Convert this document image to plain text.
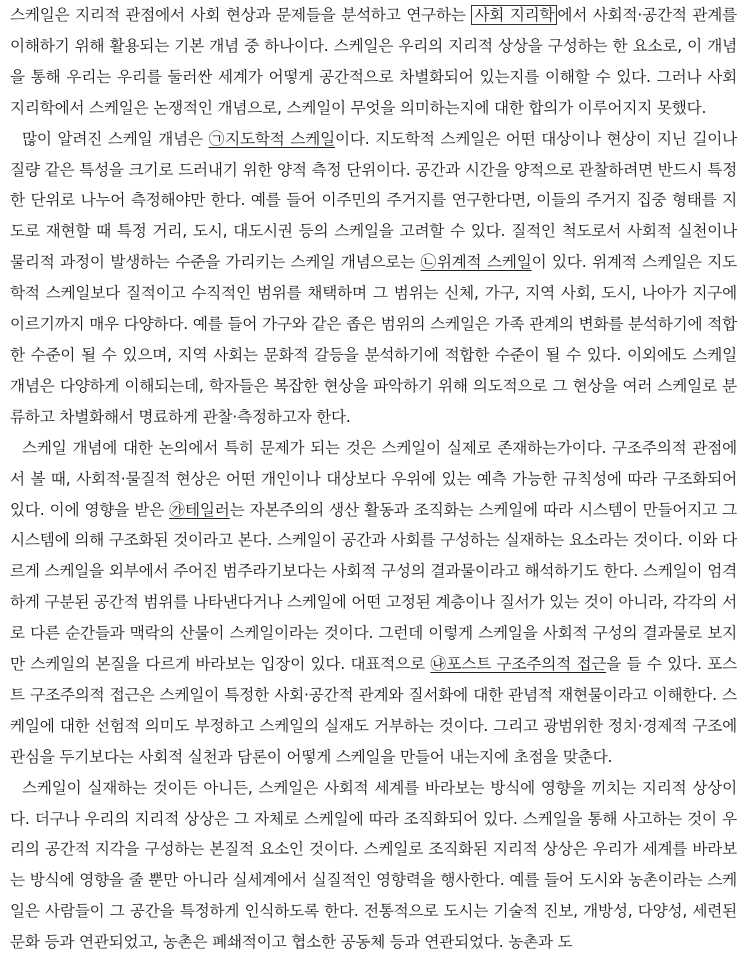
스케일은 지리적 관점에서 사회 현상과 문제들을 분석하고 연구하는 사회 지리학 에서 사회적·공간적 관계를 이해하기 위해 활용되는 기본 개념 중 하나이다. 스케일은 우리의 지리적 상상을 구성하는 한 요소로, 이 개념을 통해 우리는 우리를 둘러싼 세계가 어떻게 공간적으로 차별화되어 있는지를 이해할 수 있다. 그러나 사회 지리학에서 스케일은 논쟁적인 개념으로, 스케일이 무엇을 의미하는지에 대한 합의가 이루어지지 못했다.

많이 알려진 스케일 개념은 ㉠지도학적 스케일이다. 지도학적 스케일은 어떤 대상이나 현상이 지닌 길이나 질량 같은 특성을 크기로 드러내기 위한 양적 측정 단위이다. 공간과 시간을 양적으로 관찰하려면 반드시 특정한 단위로 나누어 측정해야만 한다. 예를 들어 이주민의 주거지를 연구한다면, 이들의 주거지 집중 형태를 지도로 재현할 때 특정 거리, 도시, 대도시권 등의 스케일을 고려할 수 있다. 질적인 척도로서 사회적 실천이나 물리적 과정이 발생하는 수준을 가리키는 스케일 개념으로는 ㉡위계적 스케일이 있다. 위계적 스케일은 지도학적 스케일보다 질적이고 수직적인 범위를 채택하며 그 범위는 신체, 가구, 지역 사회, 도시, 나아가 지구에 이르기까지 매우 다양하다. 예를 들어 가구와 같은 좁은 범위의 스케일은 가족 관계의 변화를 분석하기에 적합한 수준이 될 수 있으며, 지역 사회는 문화적 갈등을 분석하기에 적합한 수준이 될 수 있다. 이외에도 스케일 개념은 다양하게 이해되는데, 학자들은 복잡한 현상을 파악하기 위해 의도적으로 그 현상을 여러 스케일로 분류하고 차별화해서 명료하게 관찰·측정하고자 한다.

스케일 개념에 대한 논의에서 특히 문제가 되는 것은 스케일이 실제로 존재하는가이다. 구조주의적 관점에서 볼 때, 사회적·물질적 현상은 어떤 개인이나 대상보다 우위에 있는 예측 가능한 규칙성에 따라 구조화되어 있다. 이에 영향을 받은 ㉮테일러는 자본주의의 생산 활동과 조직화는 스케일에 따라 시스템이 만들어지고 그 시스템에 의해 구조화된 것이라고 본다. 스케일이 공간과 사회를 구성하는 실재하는 요소라는 것이다. 이와 다르게 스케일을 외부에서 주어진 범주라기보다는 사회적 구성의 결과물이라고 해석하기도 한다. 스케일이 엄격하게 구분된 공간적 범위를 나타낸다거나 스케일에 어떤 고정된 계층이나 질서가 있는 것이 아니라, 각각의 서로 다른 순간들과 맥락의 산물이 스케일이라는 것이다. 그런데 이렇게 스케일을 사회적 구성의 결과물로 보지만 스케일의 본질을 다르게 바라보는 입장이 있다. 대표적으로 ㉯포스트 구조주의적 접근을 들 수 있다. 포스트 구조주의적 접근은 스케일이 특정한 사회·공간적 관계와 질서화에 대한 관념적 재현물이라고 이해한다. 스케일에 대한 선험적 의미도 부정하고 스케일의 실재도 거부하는 것이다. 그리고 광범위한 정치·경제적 구조에 관심을 두기보다는 사회적 실천과 담론이 어떻게 스케일을 만들어 내는지에 초점을 맞춘다.

스케일이 실재하는 것이든 아니든, 스케일은 사회적 세계를 바라보는 방식에 영향을 끼치는 지리적 상상이다. 더구나 우리의 지리적 상상은 그 자체로 스케일에 따라 조직화되어 있다. 스케일을 통해 사고하는 것이 우리의 공간적 지각을 구성하는 본질적 요소인 것이다. 스케일로 조직화된 지리적 상상은 우리가 세계를 바라보는 방식에 영향을 줄 뿐만 아니라 실세계에서 실질적인 영향력을 행사한다. 예를 들어 도시와 농촌이라는 스케일은 사람들이 그 공간을 특정하게 인식하도록 한다. 전통적으로 도시는 기술적 진보, 개방성, 다양성, 세련된 문화 등과 연관되었고, 농촌은 폐쇄적이고 협소한 공동체 등과 연관되었다. 농촌과 도
